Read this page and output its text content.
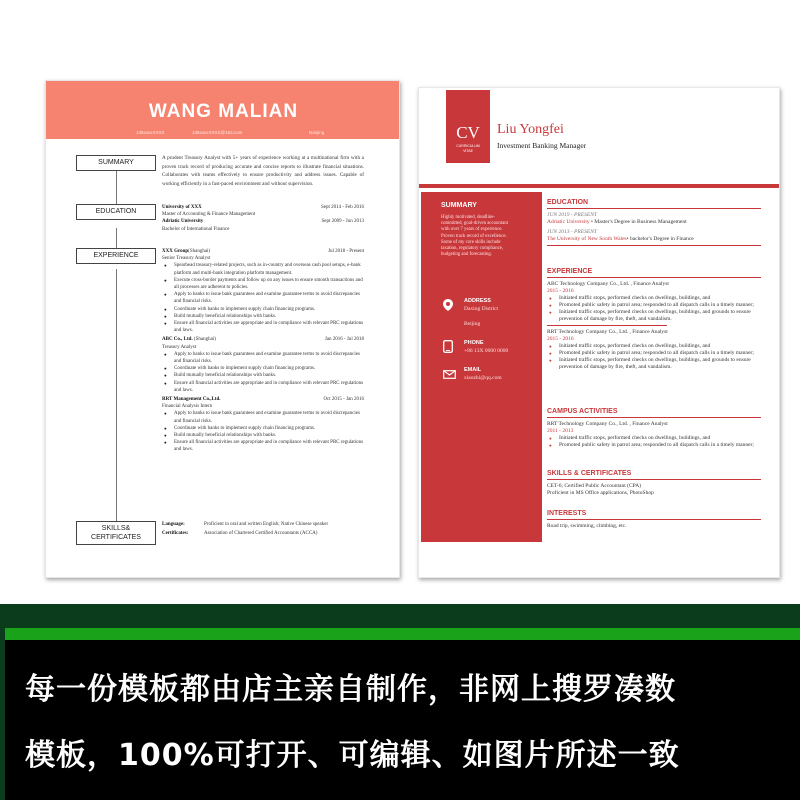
WANG MALIAN
136xxxxXXXX	136xxxxXXXX@163.com	Nanjing
SUMMARY
EDUCATION
EXPERIENCE
SKILLS&
CERTIFICATES
A prudent Treasury Analyst with 5+ years of experience working at a multinational firm with a proven track record of producing accurate and concise reports to illustrate financial situations. Collaborates with teams effectively to ensure productivity and address issues. Capable of working efficiently in a fast-paced environment and without supervision.
University of XXX	Sept 2014 - Feb 2016
Master of Accounting & Finance Management
Adriatic University	Sept 2009 - Jun 2013
Bachelor of International Finance
XXX Group(Shanghai)	Jul 2018 - Present
Senior Treasury Analyst
● Spearhead treasury-related projects, such as in-country and overseas cash pool setups, e-bank platform and multi-bank integration platform management.
● Execute cross-border payments and follow up on any issues to ensure smooth transactions and all processes are adherent to policies.
● Apply to banks to issue bank guarantees and examine guarantee terms to avoid discrepancies and financial risks.
● Coordinate with banks to implement supply chain financing programs.
● Build mutually beneficial relationships with banks.
● Ensure all financial activities are appropriate and in compliance with relevant PRC regulations and laws.
ABC Co., Ltd. (Shanghai)	Jan 2016 - Jul 2018
Treasury Analyst
● Apply to banks to issue bank guarantees and examine guarantee terms to avoid discrepancies and financial risks.
● Coordinate with banks to implement supply chain financing programs.
● Build mutually beneficial relationships with banks.
● Ensure all financial activities are appropriate and in compliance with relevant PRC regulations and laws.
RRT Management Co.,Ltd.	Oct 2015 - Jan 2016
Financial Analysis Intern
● Apply to banks to issue bank guarantees and examine guarantee terms to avoid discrepancies and financial risks.
● Coordinate with banks to implement supply chain financing programs.
● Build mutually beneficial relationships with banks.
● Ensure all financial activities are appropriate and in compliance with relevant PRC regulations and laws.
Language:	Proficient in oral and written English; Native Chinese speaker
Certificates:	Association of Chartered Certified Accountants (ACCA)
CV
CURRICULUM
VITAE
Liu Yongfei
Investment Banking Manager
SUMMARY
Highly motivated, deadline-committed, goal-driven accountant with over 7 years of experience. Proven track record of excellence. Some of my core skills include taxation, regulatory compliance, budgeting and forecasting.
ADDRESS
Daxing District
Beijing
PHONE
+86 13X 0000 0000
EMAIL
xiaozhi@qq.com
EDUCATION
JUN 2019 - PRESENT
Adriatic University • Master's Degree in Business Management
JUN 2013 - PRESENT
The University of New South Wales• bachelor's Degree in Finance
EXPERIENCE
ABC Technology Company Co., Ltd. , Finance Analyst
2015 - 2016
● Initiated traffic stops, performed checks on dwellings, buildings, and
● Promoted public safety in patrol area; responded to all dispatch calls in a timely manner;
● Initiated traffic stops, performed checks on dwellings, buildings, and grounds to ensure prevention of damage by fire, theft, and vandalism.
RRT Technology Company Co., Ltd. , Finance Analyst
2015 - 2016
● Initiated traffic stops, performed checks on dwellings, buildings, and
● Promoted public safety in patrol area; responded to all dispatch calls in a timely manner;
● Initiated traffic stops, performed checks on dwellings, buildings, and grounds to ensure prevention of damage by fire, theft, and vandalism.
CAMPUS ACTIVITIES
RRT Technology Company Co., Ltd. , Finance Analyst
2011 - 2013
● Initiated traffic stops, performed checks on dwellings, buildings, and
● Promoted public safety in patrol area; responded to all dispatch calls in a timely manner;
SKILLS & CERTIFICATES
CET-6; Certified Public Accountant (CPA)
Proficient in MS Office applications, PhotoShop
INTERESTS
Road trip, swimming, climbing, etc.
每一份模板都由店主亲自制作，非网上搜罗凑数
模板，100%可打开、可编辑、如图片所述一致
